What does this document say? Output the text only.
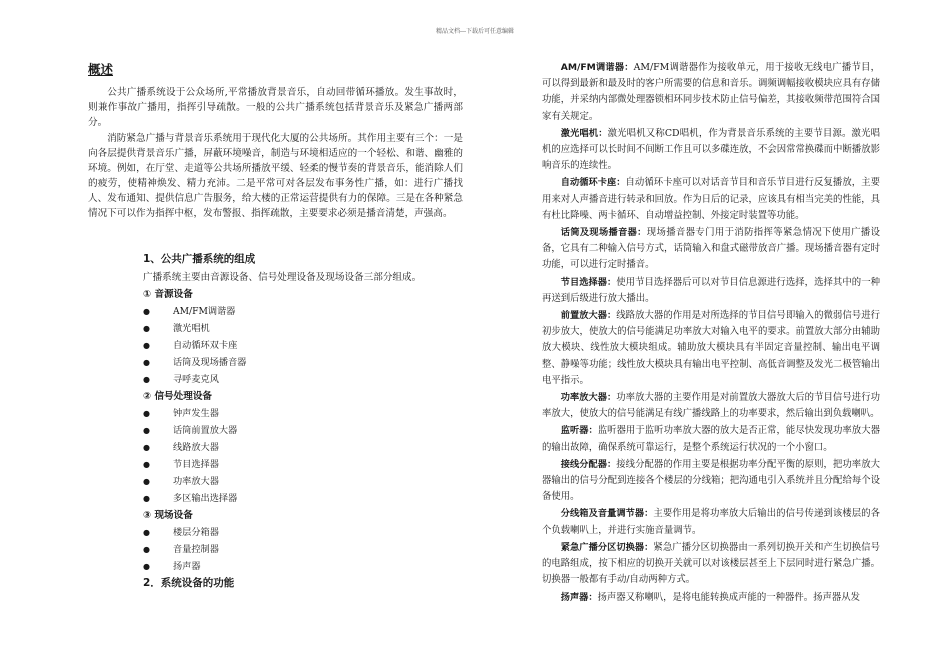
精品文档---下载后可任意编辑
概述

公共广播系统设于公众场所,平常播放背景音乐，自动回带循环播放。发生事故时，则兼作事故广播用，指挥引导疏散。一般的公共广播系统包括背景音乐及紧急广播两部分。

消防紧急广播与背景音乐系统用于现代化大厦的公共场所。其作用主要有三个：一是向各层提供背景音乐广播，屏蔽环境噪音，制造与环境相适应的一个轻松、和谐、幽雅的环境。例如，在厅堂、走道等公共场所播放平缓、轻柔的慢节奏的背景音乐，能消除人们的疲劳，使精神焕发、精力充沛。二是平常可对各层发布事务性广播，如：进行广播找人、发布通知、提供信息广告服务，给大楼的正常运营提供有力的保障。三是在各种紧急情况下可以作为指挥中枢，发布警报、指挥疏散，主要要求必须是播音清楚，声强高。

1、公共广播系统的组成
广播系统主要由音源设备、信号处理设备及现场设备三部分组成。
① 音源设备
●	AM/FM调谐器
●	激光唱机
●	自动循环双卡座
●	话筒及现场播音器
●	寻呼麦克风
② 信号处理设备
●	钟声发生器
●	话筒前置放大器
●	线路放大器
●	节目选择器
●	功率放大器
●	多区输出选择器
③ 现场设备
●	楼层分箱器
●	音量控制器
●	扬声器
2．系统设备的功能

AM/FM调谐器：AM/FM调谐器作为接收单元，用于接收无线电广播节目，可以得到最新和最及时的客户所需要的信息和音乐。调频调幅接收模块应具有存储功能，并采纳内部微处理器锁相环同步技术防止信号偏差，其接收频带范围符合国家有关规定。

激光唱机：激光唱机又称CD唱机，作为背景音乐系统的主要节目源。激光唱机的应选择可以长时间不间断工作且可以多碟连放，不会因常常换碟而中断播放影响音乐的连续性。

自动循环卡座：自动循环卡座可以对话音节目和音乐节目进行反复播放，主要用来对人声播音进行转录和回放。作为日后的记录，应该具有相当完美的性能，具有杜比降噪、两卡循环、自动增益控制、外接定时装置等功能。

话筒及现场播音器：现场播音器专门用于消防指挥等紧急情况下使用广播设备，它具有二种输入信号方式，话筒输入和盘式磁带放音广播。现场播音器有定时功能，可以进行定时播音。

节目选择器：使用节目选择器后可以对节目信息源进行选择，选择其中的一种再送到后级进行放大播出。

前置放大器：线路放大器的作用是对所选择的节目信号即输入的微弱信号进行初步放大，使放大的信号能满足功率放大对输入电平的要求。前置放大部分由辅助放大模块、线性放大模块组成。辅助放大模块具有半固定音量控制、输出电平调整、静噪等功能；线性放大模块具有输出电平控制、高低音调整及发光二极管输出电平指示。

功率放大器：功率放大器的主要作用是对前置放大器放大后的节目信号进行功率放大，使放大的信号能满足有线广播线路上的功率要求，然后输出到负载喇叭。

监听器：监听器用于监听功率放大器的放大是否正常，能尽快发现功率放大器的输出故障，确保系统可靠运行，是整个系统运行状况的一个小窗口。

接线分配器：接线分配器的作用主要是根据功率分配平衡的原则，把功率放大器输出的信号分配到连接各个楼层的分线箱；把沟通电引入系统并且分配给每个设备使用。

分线箱及音量调节器：主要作用是将功率放大后输出的信号传递到该楼层的各个负载喇叭上，并进行实施音量调节。

紧急广播分区切换器：紧急广播分区切换器由一系列切换开关和产生切换信号的电路组成，按下相应的切换开关就可以对该楼层甚至上下层同时进行紧急广播。切换器一般都有手动/自动两种方式。

扬声器：扬声器又称喇叭，是将电能转换成声能的一种器件。扬声器从发
